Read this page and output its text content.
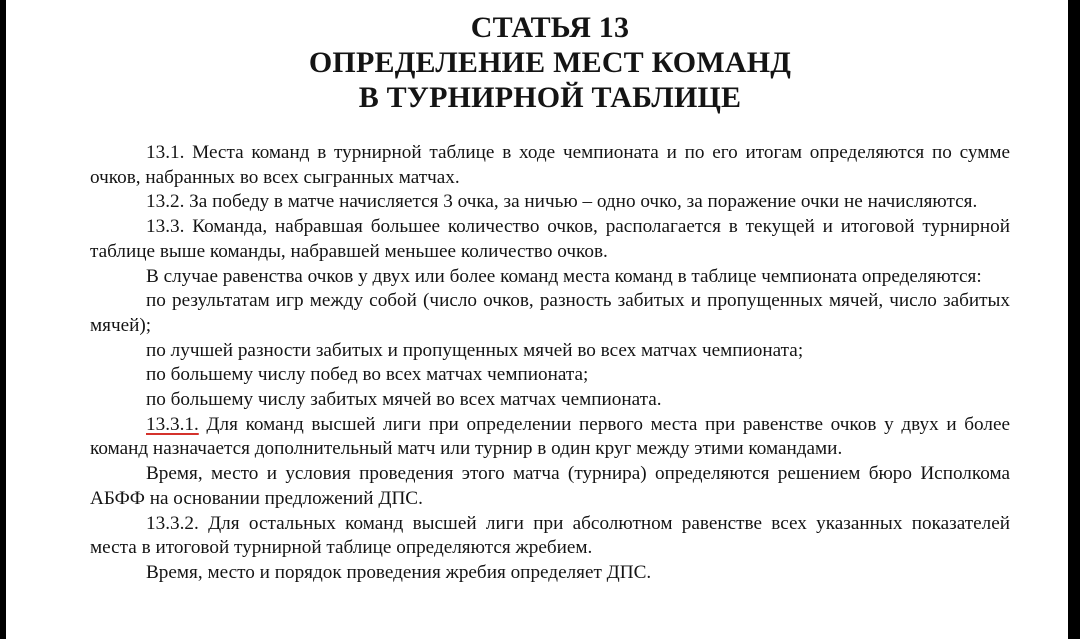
СТАТЬЯ 13
ОПРЕДЕЛЕНИЕ МЕСТ КОМАНД
В ТУРНИРНОЙ ТАБЛИЦЕ

13.1. Места команд в турнирной таблице в ходе чемпионата и по его итогам определяются по сумме очков, набранных во всех сыгранных матчах.

13.2. За победу в матче начисляется 3 очка, за ничью – одно очко, за поражение очки не начисляются.

13.3. Команда, набравшая большее количество очков, располагается в текущей и итоговой турнирной таблице выше команды, набравшей меньшее количество очков.

В случае равенства очков у двух или более команд места команд в таблице чемпионата определяются:

по результатам игр между собой (число очков, разность забитых и пропущенных мячей, число забитых мячей);

по лучшей разности забитых и пропущенных мячей во всех матчах чемпионата;

по большему числу побед во всех матчах чемпионата;

по большему числу забитых мячей во всех матчах чемпионата.

13.3.1. Для команд высшей лиги при определении первого места при равенстве очков у двух и более команд назначается дополнительный матч или турнир в один круг между этими командами.

Время, место и условия проведения этого матча (турнира) определяются решением бюро Исполкома АБФФ на основании предложений ДПС.

13.3.2. Для остальных команд высшей лиги при абсолютном равенстве всех указанных показателей места в итоговой турнирной таблице определяются жребием.

Время, место и порядок проведения жребия определяет ДПС.
